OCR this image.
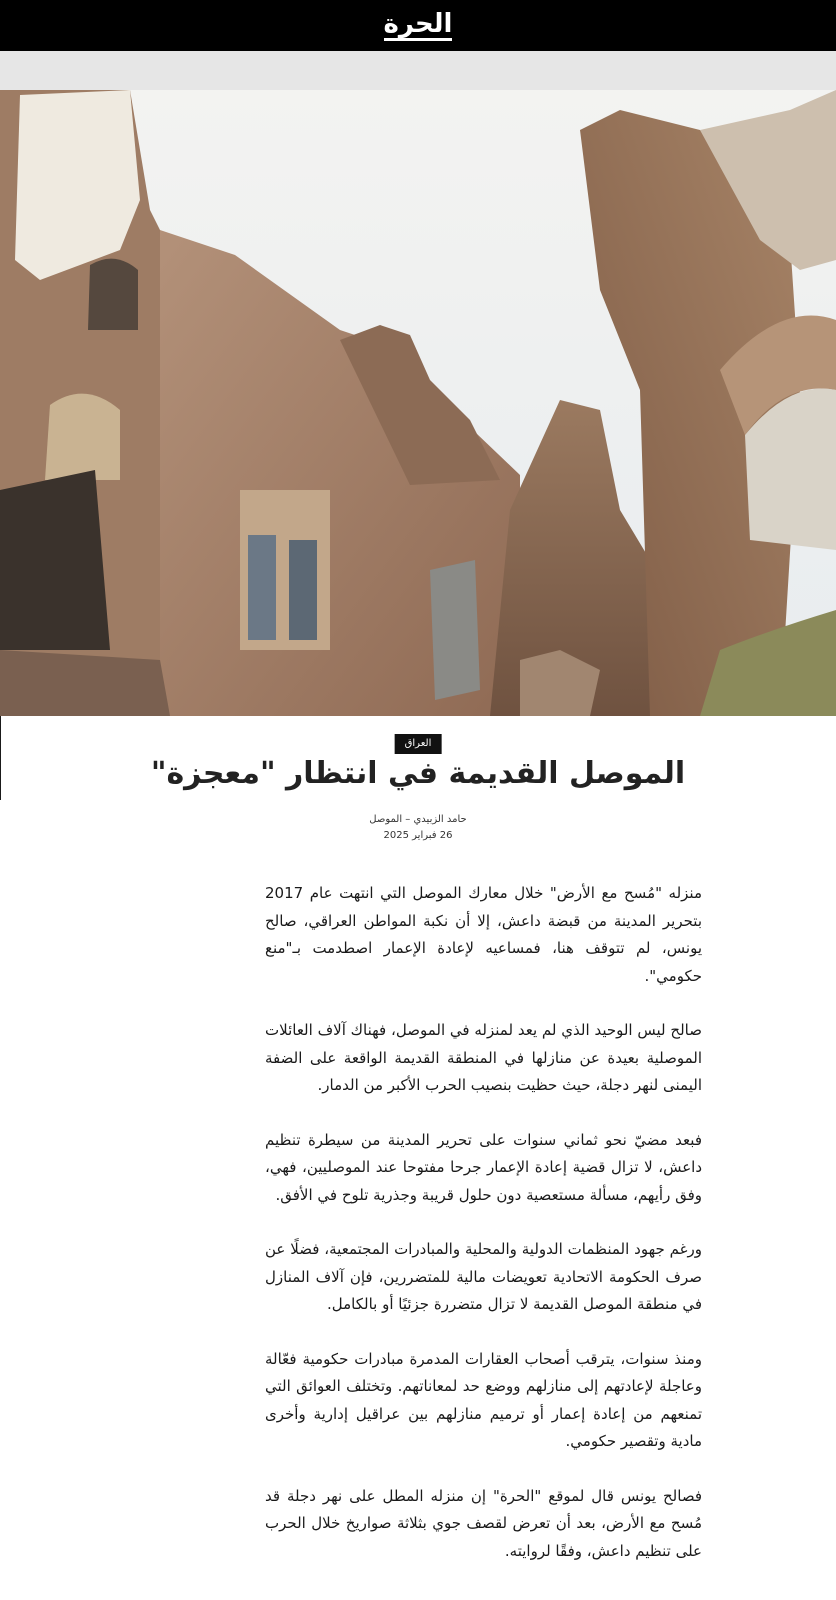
الحرة
العراق
الموصل القديمة في انتظار "معجزة"
حامد الزبيدي – الموصل
26 فبراير 2025

منزله "مُسح مع الأرض" خلال معارك الموصل التي انتهت عام 2017 بتحرير المدينة من قبضة داعش، إلا أن نكبة المواطن العراقي، صالح يونس، لم تتوقف هنا، فمساعيه لإعادة الإعمار اصطدمت بـ"منع حكومي".

صالح ليس الوحيد الذي لم يعد لمنزله في الموصل، فهناك آلاف العائلات الموصلية بعيدة عن منازلها في المنطقة القديمة الواقعة على الضفة اليمنى لنهر دجلة، حيث حظيت بنصيب الحرب الأكبر من الدمار.

فبعد مضيّ نحو ثماني سنوات على تحرير المدينة من سيطرة تنظيم داعش، لا تزال قضية إعادة الإعمار جرحا مفتوحا عند الموصليين، فهي، وفق رأيهم، مسألة مستعصية دون حلول قريبة وجذرية تلوح في الأفق.

ورغم جهود المنظمات الدولية والمحلية والمبادرات المجتمعية، فضلًا عن صرف الحكومة الاتحادية تعويضات مالية للمتضررين، فإن آلاف المنازل في منطقة الموصل القديمة لا تزال متضررة جزئيًا أو بالكامل.

ومنذ سنوات، يترقب أصحاب العقارات المدمرة مبادرات حكومية فعّالة وعاجلة لإعادتهم إلى منازلهم ووضع حد لمعاناتهم. وتختلف العوائق التي تمنعهم من إعادة إعمار أو ترميم منازلهم بين عراقيل إدارية وأخرى مادية وتقصير حكومي.

فصالح يونس قال لموقع "الحرة" إن منزله المطل على نهر دجلة قد مُسح مع الأرض، بعد أن تعرض لقصف جوي بثلاثة صواريخ خلال الحرب على تنظيم داعش، وفقًا لروايته.
